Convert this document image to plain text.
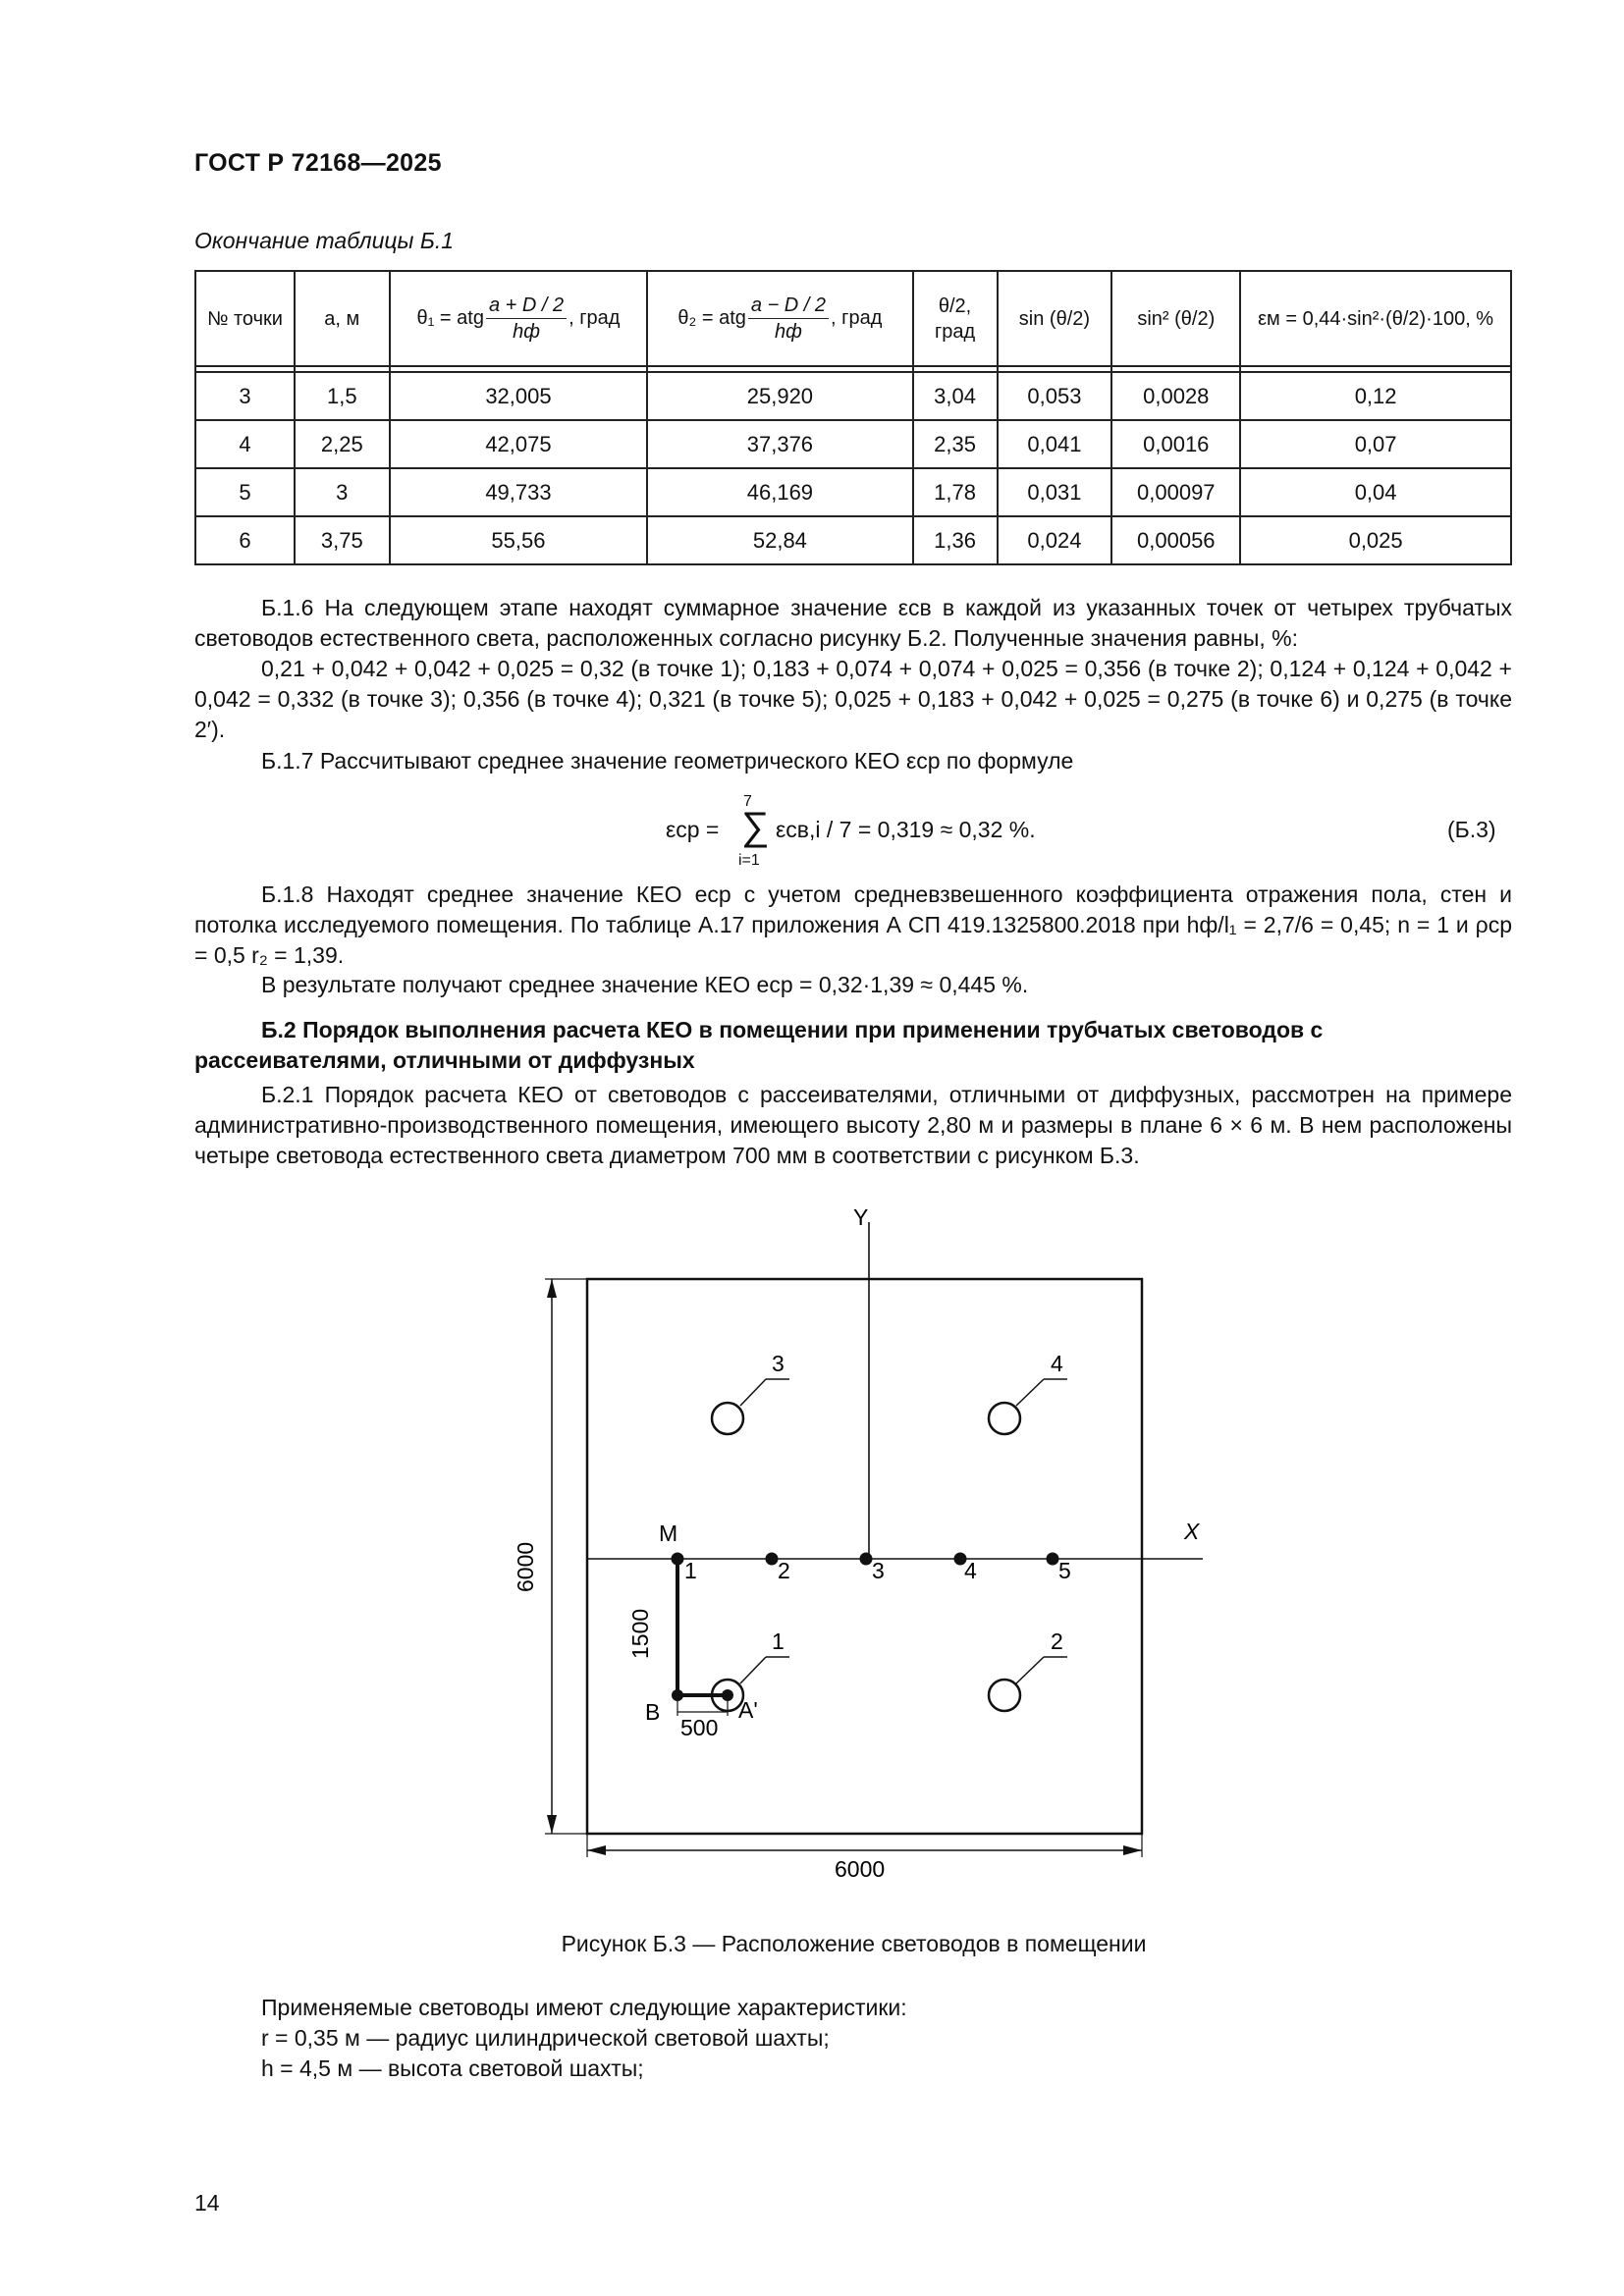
ГОСТ Р 72168—2025
Окончание таблицы Б.1
№ точки	а, м	θ₁ = atg $\frac{a + D / 2}{hф}$ , град	θ₂ = atg $\frac{a - D / 2}{hф}$ , град	θ/2, град	sin (θ/2)	sin² (θ/2)	εм = 0,44·sin²·(θ/2)·100, %

3	1,5	32,005	25,920	3,04	0,053	0,0028	0,12
4	2,25	42,075	37,376	2,35	0,041	0,0016	0,07
5	3	49,733	46,169	1,78	0,031	0,00097	0,04
6	3,75	55,56	52,84	1,36	0,024	0,00056	0,025
Б.1.6 На следующем этапе находят суммарное значение εсв в каждой из указанных точек от четырех трубчатых световодов естественного света, расположенных согласно рисунку Б.2. Полученные значения равны, %:
0,21 + 0,042 + 0,042 + 0,025 = 0,32 (в точке 1); 0,183 + 0,074 + 0,074 + 0,025 = 0,356 (в точке 2); 0,124 + 0,124 + 0,042 + 0,042 = 0,332 (в точке 3); 0,356 (в точке 4); 0,321 (в точке 5); 0,025 + 0,183 + 0,042 + 0,025 = 0,275 (в точке 6) и 0,275 (в точке 2′).
Б.1.7 Рассчитывают среднее значение геометрического КЕО εср по формуле
εср =
7
∑
i=1
εсв,i / 7 = 0,319 ≈ 0,32 %.	(Б.3)
Б.1.8 Находят среднее значение КЕО eср с учетом средневзвешенного коэффициента отражения пола, стен и потолка исследуемого помещения. По таблице А.17 приложения А СП 419.1325800.2018 при hф/l₁ = 2,7/6 = 0,45; n = 1 и ρср = 0,5 r₂ = 1,39.
В результате получают среднее значение КЕО eср = 0,32·1,39 ≈ 0,445 %.
Б.2 Порядок выполнения расчета КЕО в помещении при применении трубчатых световодов с рассеивателями, отличными от диффузных
Б.2.1 Порядок расчета КЕО от световодов с рассеивателями, отличными от диффузных, рассмотрен на примере административно-производственного помещения, имеющего высоту 2,80 м и размеры в плане 6 × 6 м. В нем расположены четыре световода естественного света диаметром 700 мм в соответствии с рисунком Б.3.
Y
X
6000
6000
M
1	2	3	4	5
1500
500
B	A'
1	2
3	4
Рисунок Б.3 — Расположение световодов в помещении
Применяемые световоды имеют следующие характеристики:
r = 0,35 м — радиус цилиндрической световой шахты;
h = 4,5 м — высота световой шахты;
14
